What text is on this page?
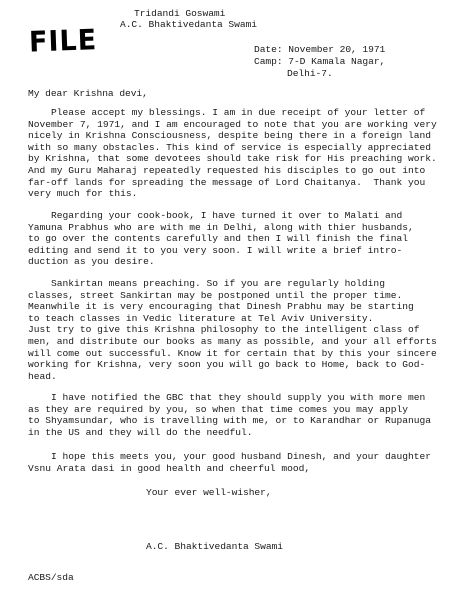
FILE
Tridandi Goswami
A.C. Bhaktivedanta Swami
Date: November 20, 1971
Camp: 7-D Kamala Nagar,
Delhi-7.
My dear Krishna devi,
Please accept my blessings. I am in due receipt of your letter of
November 7, 1971, and I am encouraged to note that you are working very
nicely in Krishna Consciousness, despite being there in a foreign land
with so many obstacles. This kind of service is especially appreciated
by Krishna, that some devotees should take risk for His preaching work.
And my Guru Maharaj repeatedly requested his disciples to go out into
far-off lands for spreading the message of Lord Chaitanya.  Thank you
very much for this.
Regarding your cook-book, I have turned it over to Malati and
Yamuna Prabhus who are with me in Delhi, along with thier husbands,
to go over the contents carefully and then I will finish the final
editing and send it to you very soon. I will write a brief intro-
duction as you desire.
Sankirtan means preaching. So if you are regularly holding
classes, street Sankirtan may be postponed until the proper time.
Meanwhile it is very encouraging that Dinesh Prabhu may be starting
to teach classes in Vedic literature at Tel Aviv University.
Just try to give this Krishna philosophy to the intelligent class of
men, and distribute our books as many as possible, and your all efforts
will come out successful. Know it for certain that by this your sincere
working for Krishna, very soon you will go back to Home, back to God-
head.
I have notified the GBC that they should supply you with more men
as they are required by you, so when that time comes you may apply
to Shyamsundar, who is travelling with me, or to Karandhar or Rupanuga
in the US and they will do the needful.
I hope this meets you, your good husband Dinesh, and your daughter
Vsnu Arata dasi in good health and cheerful mood,
Your ever well-wisher,
A.C. Bhaktivedanta Swami
ACBS/sda
